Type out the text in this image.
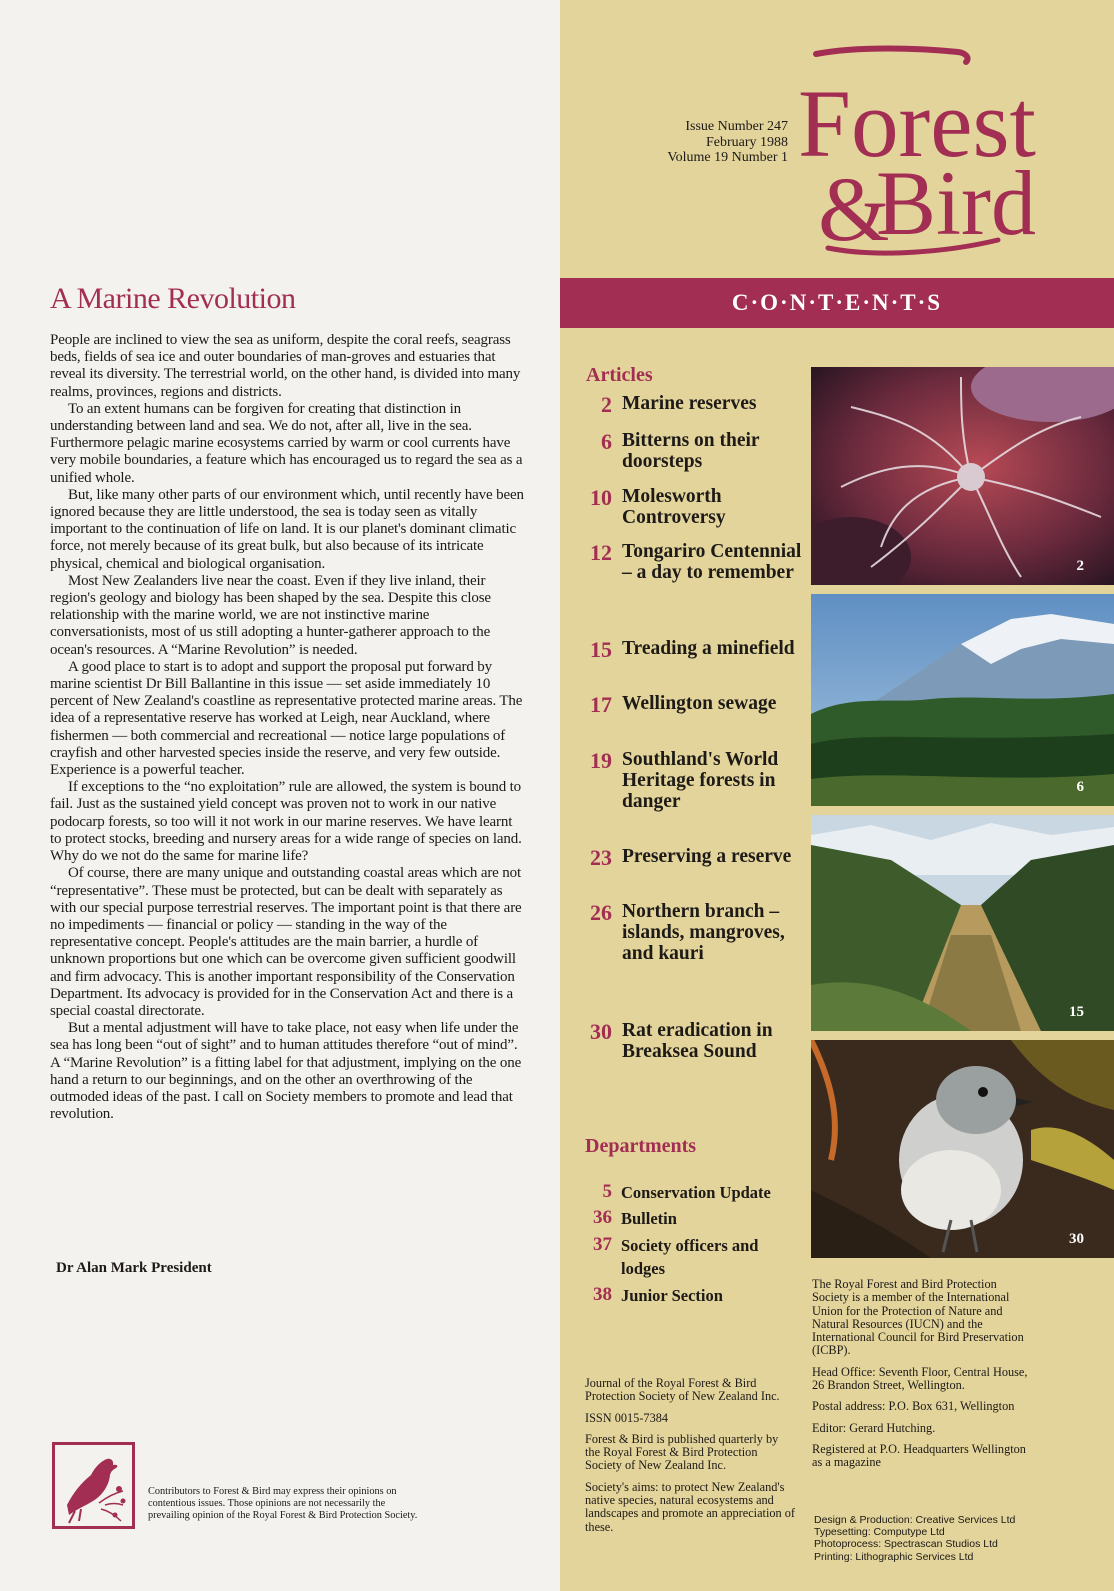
A Marine Revolution

People are inclined to view the sea as uniform, despite the coral reefs, seagrass beds, fields of sea ice and outer boundaries of man-groves and estuaries that reveal its diversity. The terrestrial world, on the other hand, is divided into many realms, provinces, regions and districts.

To an extent humans can be forgiven for creating that distinction in understanding between land and sea. We do not, after all, live in the sea. Furthermore pelagic marine ecosystems carried by warm or cool currents have very mobile boundaries, a feature which has encouraged us to regard the sea as a unified whole.

But, like many other parts of our environment which, until recently have been ignored because they are little understood, the sea is today seen as vitally important to the continuation of life on land. It is our planet's dominant climatic force, not merely because of its great bulk, but also because of its intricate physical, chemical and biological organisation.

Most New Zealanders live near the coast. Even if they live inland, their region's geology and biology has been shaped by the sea. Despite this close relationship with the marine world, we are not instinctive marine conversationists, most of us still adopting a hunter-gatherer approach to the ocean's resources. A “Marine Revolution” is needed.

A good place to start is to adopt and support the proposal put forward by marine scientist Dr Bill Ballantine in this issue — set aside immediately 10 percent of New Zealand's coastline as representative protected marine areas. The idea of a representative reserve has worked at Leigh, near Auckland, where fishermen — both commercial and recreational — notice large populations of crayfish and other harvested species inside the reserve, and very few outside. Experience is a powerful teacher.

If exceptions to the “no exploitation” rule are allowed, the system is bound to fail. Just as the sustained yield concept was proven not to work in our native podocarp forests, so too will it not work in our marine reserves. We have learnt to protect stocks, breeding and nursery areas for a wide range of species on land. Why do we not do the same for marine life?

Of course, there are many unique and outstanding coastal areas which are not “representative”. These must be protected, but can be dealt with separately as with our special purpose terrestrial reserves. The important point is that there are no impediments — financial or policy — standing in the way of the representative concept. People's attitudes are the main barrier, a hurdle of unknown proportions but one which can be overcome given sufficient goodwill and firm advocacy. This is another important responsibility of the Conservation Department. Its advocacy is provided for in the Conservation Act and there is a special coastal directorate.

But a mental adjustment will have to take place, not easy when life under the sea has long been “out of sight” and to human attitudes therefore “out of mind”. A “Marine Revolution” is a fitting label for that adjustment, implying on the one hand a return to our beginnings, and on the other an overthrowing of the outmoded ideas of the past. I call on Society members to promote and lead that revolution.

Dr Alan Mark President
Contributors to Forest & Bird may express their opinions on contentious issues. Those opinions are not necessarily the prevailing opinion of the Royal Forest & Bird Protection Society.
Issue Number 247
February 1988
Volume 19 Number 1 Forest
&
Bird
C·O·N·T·E·N·T·S
Articles
2 Marine reserves
6 Bitterns on their doorsteps
10 Molesworth Controversy
12 Tongariro Centennial – a day to remember
15 Treading a minefield
17 Wellington sewage
19 Southland's World Heritage forests in danger
23 Preserving a reserve
26 Northern branch – islands, mangroves, and kauri
30 Rat eradication in Breaksea Sound
Departments
5 Conservation Update
36 Bulletin
37 Society officers and lodges
38 Junior Section
2
6
15
30

Journal of the Royal Forest & Bird Protection Society of New Zealand Inc.

ISSN 0015-7384

Forest & Bird is published quarterly by the Royal Forest & Bird Protection Society of New Zealand Inc.

Society's aims: to protect New Zealand's native species, natural ecosystems and landscapes and promote an appreciation of these.

The Royal Forest and Bird Protection Society is a member of the International Union for the Protection of Nature and Natural Resources (IUCN) and the International Council for Bird Preservation (ICBP).

Head Office: Seventh Floor, Central House, 26 Brandon Street, Wellington.

Postal address: P.O. Box 631, Wellington

Editor: Gerard Hutching.

Registered at P.O. Headquarters Wellington as a magazine

Design & Production: Creative Services Ltd
Typesetting: Computype Ltd
Photoprocess: Spectrascan Studios Ltd
Printing: Lithographic Services Ltd
